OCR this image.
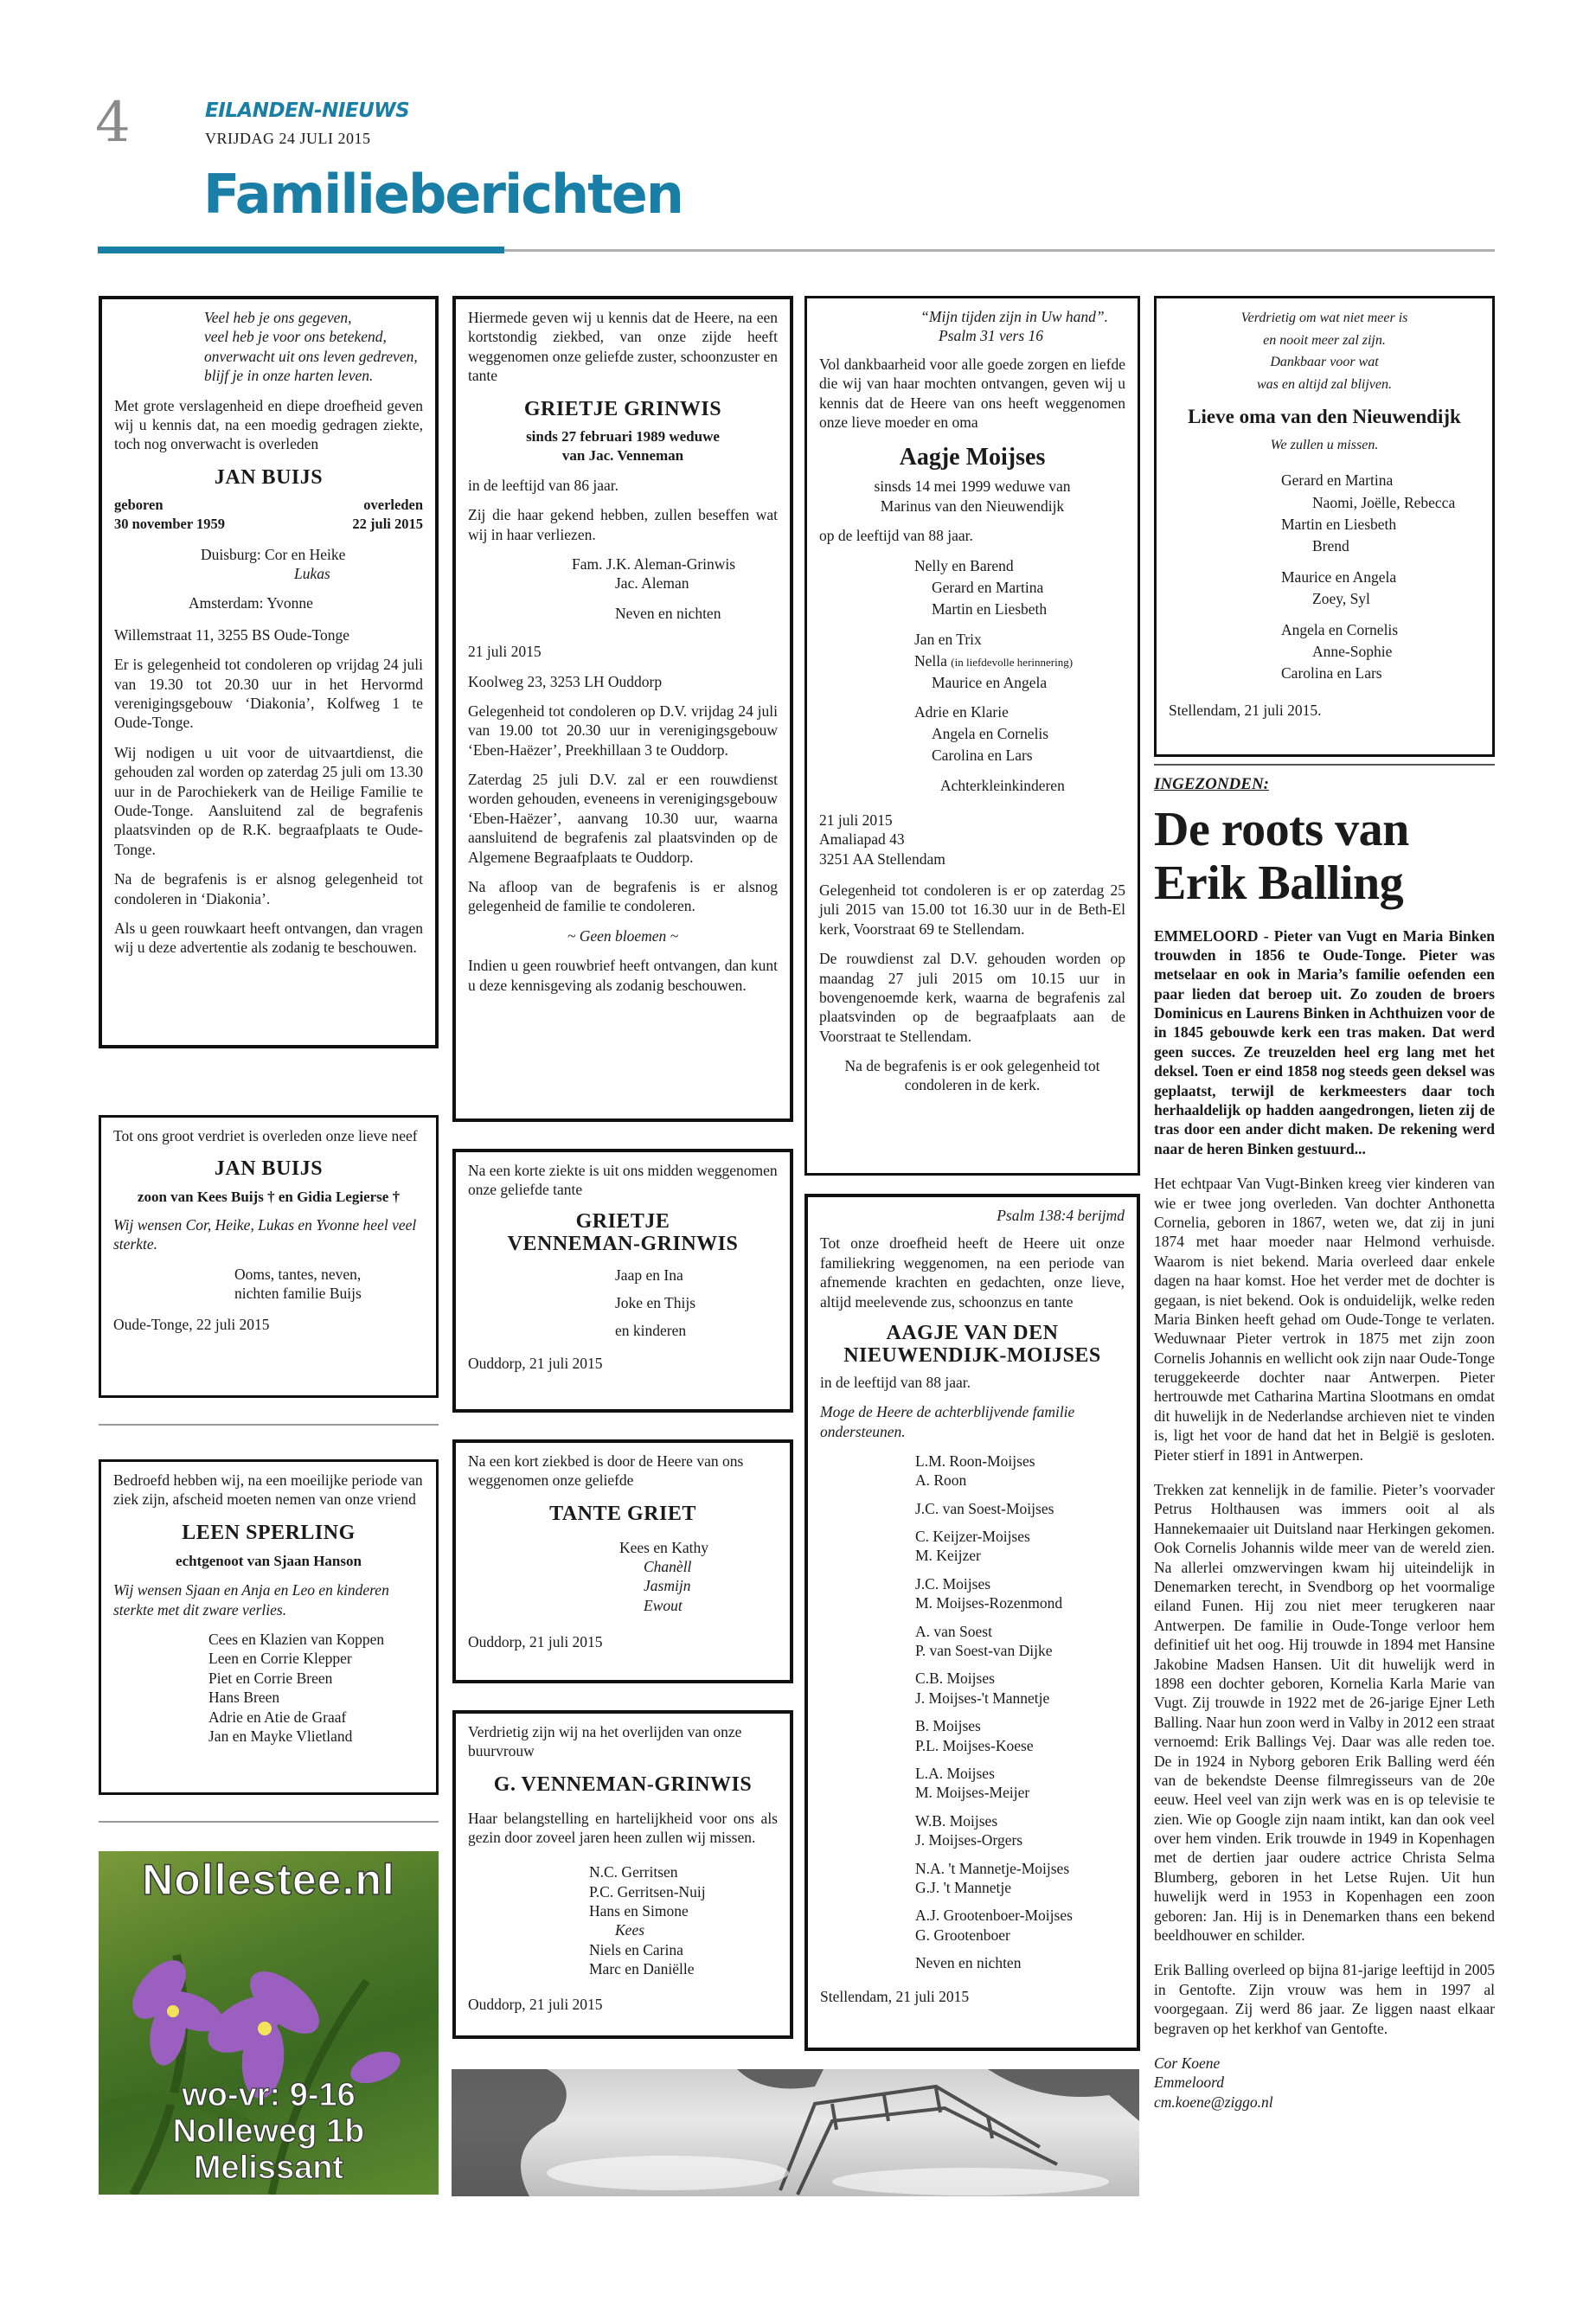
4	EILANDEN-NIEUWS
VRIJDAG 24 JULI 2015
Familieberichten
Veel heb je ons gegeven,
veel heb je voor ons betekend,
onverwacht uit ons leven gedreven,
blijf je in onze harten leven.

Met grote verslagenheid en diepe droefheid geven wij u kennis dat, na een moedig gedragen ziekte, toch nog onverwacht is overleden

JAN BUIJS
geboren
30 november 1959
overleden
22 juli 2015
Duisburg: Cor en Heike
Lukas
Amsterdam: Yvonne

Willemstraat 11, 3255 BS Oude-Tonge

Er is gelegenheid tot condoleren op vrijdag 24 juli van 19.30 tot 20.30 uur in het Hervormd verenigingsgebouw ‘Diakonia’, Kolfweg 1 te Oude-Tonge.

Wij nodigen u uit voor de uitvaartdienst, die gehouden zal worden op zaterdag 25 juli om 13.30 uur in de Parochiekerk van de Heilige Familie te Oude-Tonge. Aansluitend zal de begrafenis plaatsvinden op de R.K. begraafplaats te Oude-Tonge.

Na de begrafenis is er alsnog gelegenheid tot condoleren in ‘Diakonia’.

Als u geen rouwkaart heeft ontvangen, dan vragen wij u deze advertentie als zodanig te beschouwen.

Tot ons groot verdriet is overleden onze lieve neef

JAN BUIJS
zoon van Kees Buijs † en Gidia Legierse †

Wij wensen Cor, Heike, Lukas en Yvonne heel veel sterkte.

Ooms, tantes, neven,
nichten familie Buijs
Oude-Tonge, 22 juli 2015

Bedroefd hebben wij, na een moeilijke periode van ziek zijn, afscheid moeten nemen van onze vriend

LEEN SPERLING
echtgenoot van Sjaan Hanson

Wij wensen Sjaan en Anja en Leo en kinderen sterkte met dit zware verlies.

Cees en Klazien van Koppen
Leen en Corrie Klepper
Piet en Corrie Breen
Hans Breen
Adrie en Atie de Graaf
Jan en Mayke Vlietland
Nollestee.nl
wo-vr: 9-16
Nolleweg 1b
Melissant

Hiermede geven wij u kennis dat de Heere, na een kortstondig ziekbed, van onze zijde heeft weggenomen onze geliefde zuster, schoonzuster en tante

GRIETJE GRINWIS
sinds 27 februari 1989 weduwe
van Jac. Venneman

in de leeftijd van 86 jaar.

Zij die haar gekend hebben, zullen beseffen wat wij in haar verliezen.

Fam. J.K. Aleman-Grinwis
Jac. Aleman
Neven en nichten

21 juli 2015

Koolweg 23, 3253 LH Ouddorp

Gelegenheid tot condoleren op D.V. vrijdag 24 juli van 19.00 tot 20.30 uur in verenigingsgebouw ‘Eben-Haëzer’, Preekhillaan 3 te Ouddorp.

Zaterdag 25 juli D.V. zal er een rouwdienst worden gehouden, eveneens in verenigingsgebouw ‘Eben-Haëzer’, aanvang 10.30 uur, waarna aansluitend de begrafenis zal plaatsvinden op de Algemene Begraafplaats te Ouddorp.

Na afloop van de begrafenis is er alsnog gelegenheid de familie te condoleren.

~ Geen bloemen ~

Indien u geen rouwbrief heeft ontvangen, dan kunt u deze kennisgeving als zodanig beschouwen.

Na een korte ziekte is uit ons midden weggenomen onze geliefde tante

GRIETJE
VENNEMAN-GRINWIS
Jaap en Ina
Joke en Thijs
en kinderen
Ouddorp, 21 juli 2015

Na een kort ziekbed is door de Heere van ons weggenomen onze geliefde

TANTE GRIET
Kees en Kathy
Chanèll
Jasmijn
Ewout
Ouddorp, 21 juli 2015

Verdrietig zijn wij na het overlijden van onze buurvrouw

G. VENNEMAN-GRINWIS

Haar belangstelling en hartelijkheid voor ons als gezin door zoveel jaren heen zullen wij missen.

N.C. Gerritsen
P.C. Gerritsen-Nuij
Hans en Simone
Kees
Niels en Carina
Marc en Daniëlle
Ouddorp, 21 juli 2015
“Mijn tijden zijn in Uw hand”.
Psalm 31 vers 16

Vol dankbaarheid voor alle goede zorgen en liefde die wij van haar mochten ontvangen, geven wij u kennis dat de Heere van ons heeft weggenomen onze lieve moeder en oma

Aagje Moijses
sinsds 14 mei 1999 weduwe van
Marinus van den Nieuwendijk

op de leeftijd van 88 jaar.

Nelly en Barend
Gerard en Martina
Martin en Liesbeth
Jan en Trix
Nella (in liefdevolle herinnering)
Maurice en Angela
Adrie en Klarie
Angela en Cornelis
Carolina en Lars
Achterkleinkinderen
21 juli 2015
Amaliapad 43
3251 AA Stellendam

Gelegenheid tot condoleren is er op zaterdag 25 juli 2015 van 15.00 tot 16.30 uur in de Beth-El kerk, Voorstraat 69 te Stellendam.

De rouwdienst zal D.V. gehouden worden op maandag 27 juli 2015 om 10.15 uur in bovengenoemde kerk, waarna de begrafenis zal plaatsvinden op de begraafplaats aan de Voorstraat te Stellendam.

Na de begrafenis is er ook gelegenheid tot condoleren in de kerk.

Psalm 138:4 berijmd

Tot onze droefheid heeft de Heere uit onze familiekring weggenomen, na een periode van afnemende krachten en gedachten, onze lieve, altijd meelevende zus, schoonzus en tante

AAGJE VAN DEN
NIEUWENDIJK-MOIJSES

in de leeftijd van 88 jaar.

Moge de Heere de achterblijvende familie ondersteunen.

L.M. Roon-Moijses
A. Roon
J.C. van Soest-Moijses
C. Keijzer-Moijses
M. Keijzer
J.C. Moijses
M. Moijses-Rozenmond
A. van Soest
P. van Soest-van Dijke
C.B. Moijses
J. Moijses-'t Mannetje
B. Moijses
P.L. Moijses-Koese
L.A. Moijses
M. Moijses-Meijer
W.B. Moijses
J. Moijses-Orgers
N.A. 't Mannetje-Moijses
G.J. 't Mannetje
A.J. Grootenboer-Moijses
G. Grootenboer
Neven en nichten
Stellendam, 21 juli 2015
Verdrietig om wat niet meer is
en nooit meer zal zijn.
Dankbaar voor wat
was en altijd zal blijven.
Lieve oma van den Nieuwendijk
We zullen u missen.
Gerard en Martina
Naomi, Joëlle, Rebecca
Martin en Liesbeth
Brend
Maurice en Angela
Zoey, Syl
Angela en Cornelis
Anne-Sophie
Carolina en Lars
Stellendam, 21 juli 2015.
INGEZONDEN:
De roots van Erik Balling

EMMELOORD - Pieter van Vugt en Maria Binken trouwden in 1856 te Oude-Tonge. Pieter was metselaar en ook in Maria’s familie oefenden een paar lieden dat beroep uit. Zo zouden de broers Dominicus en Laurens Binken in Achthuizen voor de in 1845 gebouwde kerk een tras maken. Dat werd geen succes. Ze treuzelden heel erg lang met het deksel. Toen er eind 1858 nog steeds geen deksel was geplaatst, terwijl de kerkmeesters daar toch herhaaldelijk op hadden aangedrongen, lieten zij de tras door een ander dicht maken. De rekening werd naar de heren Binken gestuurd...

Het echtpaar Van Vugt-Binken kreeg vier kinderen van wie er twee jong overleden. Van dochter Anthonetta Cornelia, geboren in 1867, weten we, dat zij in juni 1874 met haar moeder naar Helmond verhuisde. Waarom is niet bekend. Maria overleed daar enkele dagen na haar komst. Hoe het verder met de dochter is gegaan, is niet bekend. Ook is onduidelijk, welke reden Maria Binken heeft gehad om Oude-Tonge te verlaten. Weduwnaar Pieter vertrok in 1875 met zijn zoon Cornelis Johannis en wellicht ook zijn naar Oude-Tonge teruggekeerde dochter naar Antwerpen. Pieter hertrouwde met Catharina Martina Slootmans en omdat dit huwelijk in de Nederlandse archieven niet te vinden is, ligt het voor de hand dat het in België is gesloten. Pieter stierf in 1891 in Antwerpen.

Trekken zat kennelijk in de familie. Pieter’s voorvader Petrus Holthausen was immers ooit al als Hannekemaaier uit Duitsland naar Herkingen gekomen. Ook Cornelis Johannis wilde meer van de wereld zien. Na allerlei omzwervingen kwam hij uiteindelijk in Denemarken terecht, in Svendborg op het voormalige eiland Funen. Hij zou niet meer terugkeren naar Antwerpen. De familie in Oude-Tonge verloor hem definitief uit het oog. Hij trouwde in 1894 met Hansine Jakobine Madsen Hansen. Uit dit huwelijk werd in 1898 een dochter geboren, Kornelia Karla Marie van Vugt. Zij trouwde in 1922 met de 26-jarige Ejner Leth Balling. Naar hun zoon werd in Valby in 2012 een straat vernoemd: Erik Ballings Vej. Daar was alle reden toe. De in 1924 in Nyborg geboren Erik Balling werd één van de bekendste Deense filmregisseurs van de 20e eeuw. Heel veel van zijn werk was en is op televisie te zien. Wie op Google zijn naam intikt, kan dan ook veel over hem vinden. Erik trouwde in 1949 in Kopenhagen met de dertien jaar oudere actrice Christa Selma Blumberg, geboren in het Letse Rujen. Uit hun huwelijk werd in 1953 in Kopenhagen een zoon geboren: Jan. Hij is in Denemarken thans een bekend beeldhouwer en schilder.

Erik Balling overleed op bijna 81-jarige leeftijd in 2005 in Gentofte. Zijn vrouw was hem in 1997 al voorgegaan. Zij werd 86 jaar. Ze liggen naast elkaar begraven op het kerkhof van Gentofte.

Cor Koene
Emmeloord
cm.koene@ziggo.nl
